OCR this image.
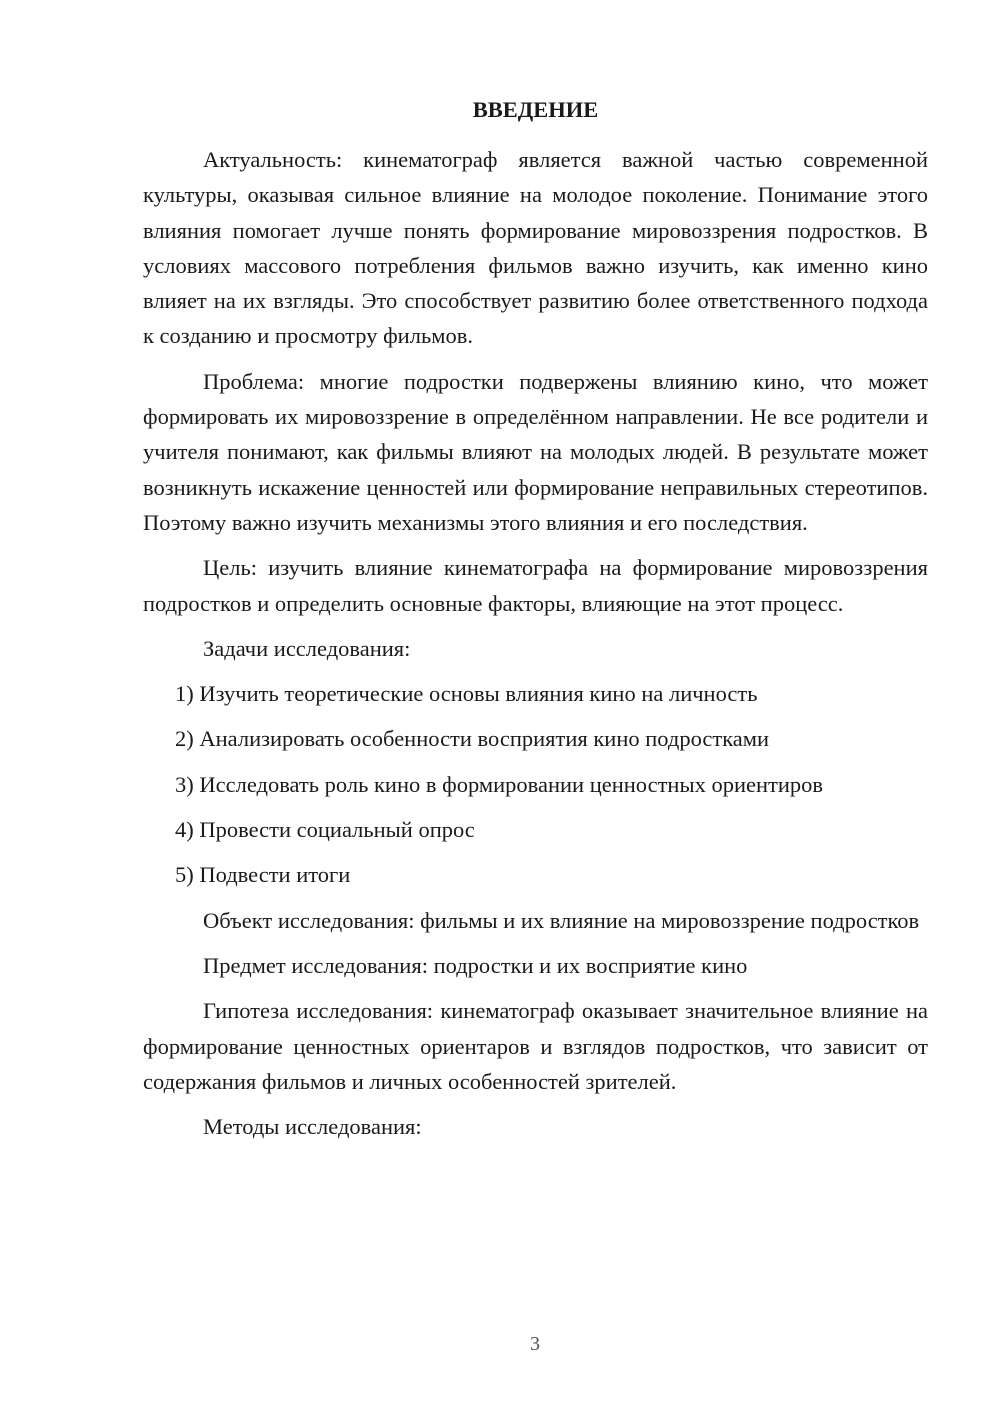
ВВЕДЕНИЕ

Актуальность: кинематограф является важной частью современной культуры, оказывая сильное влияние на молодое поколение. Понимание этого влияния помогает лучше понять формирование мировоззрения подростков. В условиях массового потребления фильмов важно изучить, как именно кино влияет на их взгляды. Это способствует развитию более ответственного подхода к созданию и просмотру фильмов.

Проблема: многие подростки подвержены влиянию кино, что может формировать их мировоззрение в определённом направлении. Не все родители и учителя понимают, как фильмы влияют на молодых людей. В результате может возникнуть искажение ценностей или формирование неправильных стереотипов. Поэтому важно изучить механизмы этого влияния и его последствия.

Цель: изучить влияние кинематографа на формирование мировоззрения подростков и определить основные факторы, влияющие на этот процесс.

Задачи исследования:

1) Изучить теоретические основы влияния кино на личность
2) Анализировать особенности восприятия кино подростками
3) Исследовать роль кино в формировании ценностных ориентиров
4) Провести социальный опрос
5) Подвести итоги

Объект исследования: фильмы и их влияние на мировоззрение подростков

Предмет исследования: подростки и их восприятие кино

Гипотеза исследования: кинематограф оказывает значительное влияние на формирование ценностных ориентаров и взглядов подростков, что зависит от содержания фильмов и личных особенностей зрителей.

Методы исследования:

3
